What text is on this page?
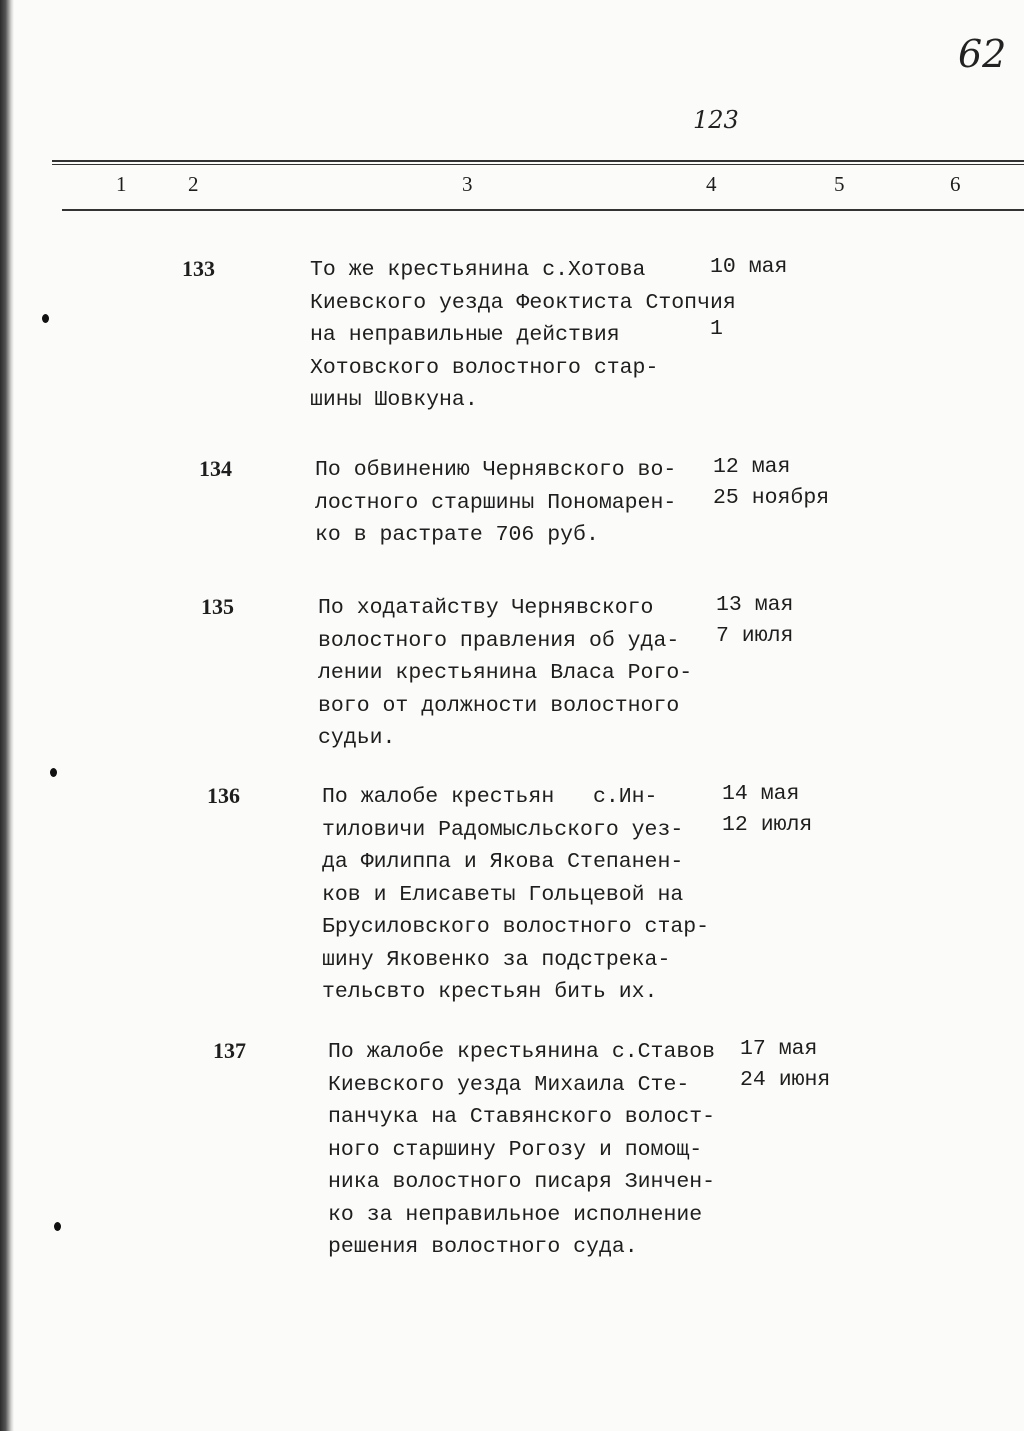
62
123
1	2	3	4	5	6
133	То же крестьянина с.Хотова
Киевского уезда Феоктиста Стопчия
на неправильные действия
Хотовского волостного стар-
шины Шовкуна.
10 мая

1
134	По обвинению Чернявского во-
лостного старшины Пономарен-
ко в растрате 706 руб.
12 мая
25 ноября
135	По ходатайству Чернявского
волостного правления об уда-
лении крестьянина Власа Рого-
вого от должности волостного
судьи.
13 мая
7 июля
136	По жалобе крестьян   с.Ин-
тиловичи Радомысльского уез-
да Филиппа и Якова Степанен-
ков и Елисаветы Гольцевой на
Брусиловского волостного стар-
шину Яковенко за подстрека-
тельсвто крестьян бить их.
14 мая
12 июля
137	По жалобе крестьянина с.Ставов
Киевского уезда Михаила Сте-
панчука на Ставянского волост-
ного старшину Рогозу и помощ-
ника волостного писаря Зинчен-
ко за неправильное исполнение
решения волостного суда.
17 мая
24 июня
